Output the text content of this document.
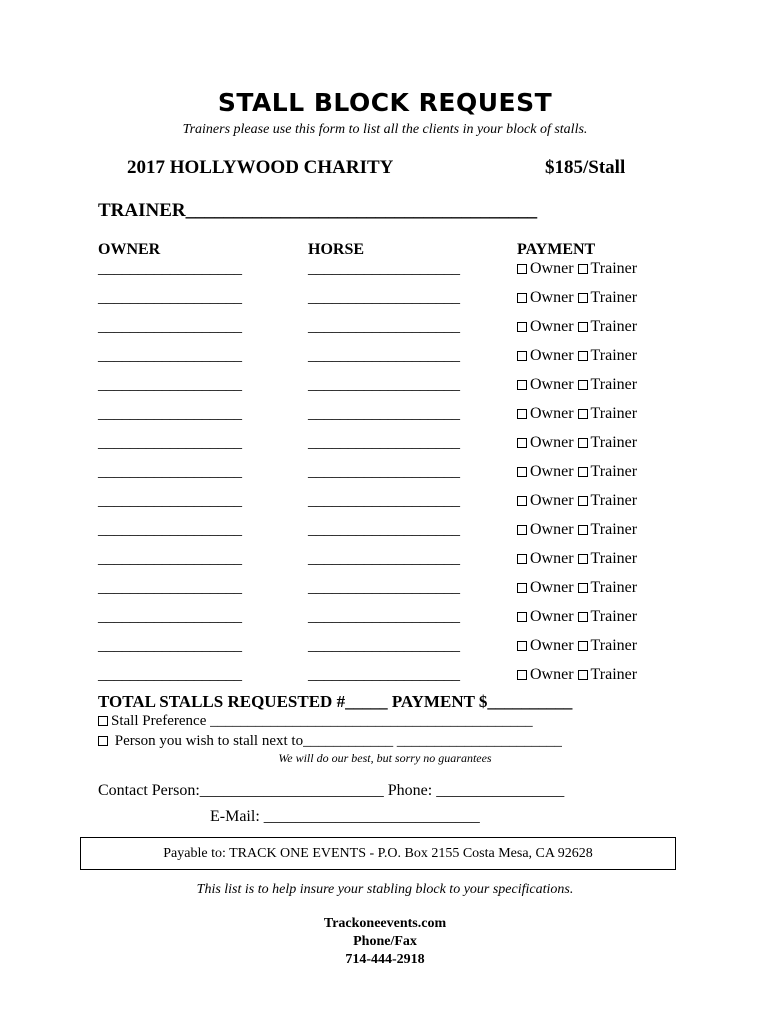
STALL BLOCK REQUEST
Trainers please use this form to list all the clients in your block of stalls.
2017 HOLLYWOOD CHARITY	$185/Stall
TRAINER_____________________________________
OWNER	HORSE	PAYMENT
__________________	___________________	Owner Trainer
__________________	___________________	Owner Trainer
__________________	___________________	Owner Trainer
__________________	___________________	Owner Trainer
__________________	___________________	Owner Trainer
__________________	___________________	Owner Trainer
__________________	___________________	Owner Trainer
__________________	___________________	Owner Trainer
__________________	___________________	Owner Trainer
__________________	___________________	Owner Trainer
__________________	___________________	Owner Trainer
__________________	___________________	Owner Trainer
__________________	___________________	Owner Trainer
__________________	___________________	Owner Trainer
__________________	___________________	Owner Trainer
TOTAL STALLS REQUESTED #_____ PAYMENT $__________
Stall Preference ___________________________________________
Person you wish to stall next to____________ ______________________
We will do our best, but sorry no guarantees
Contact Person:_______________________ Phone: ________________
E-Mail: ___________________________
Payable to: TRACK ONE EVENTS - P.O. Box 2155 Costa Mesa, CA 92628
This list is to help insure your stabling block to your specifications.
Trackoneevents.com
Phone/Fax
714-444-2918
